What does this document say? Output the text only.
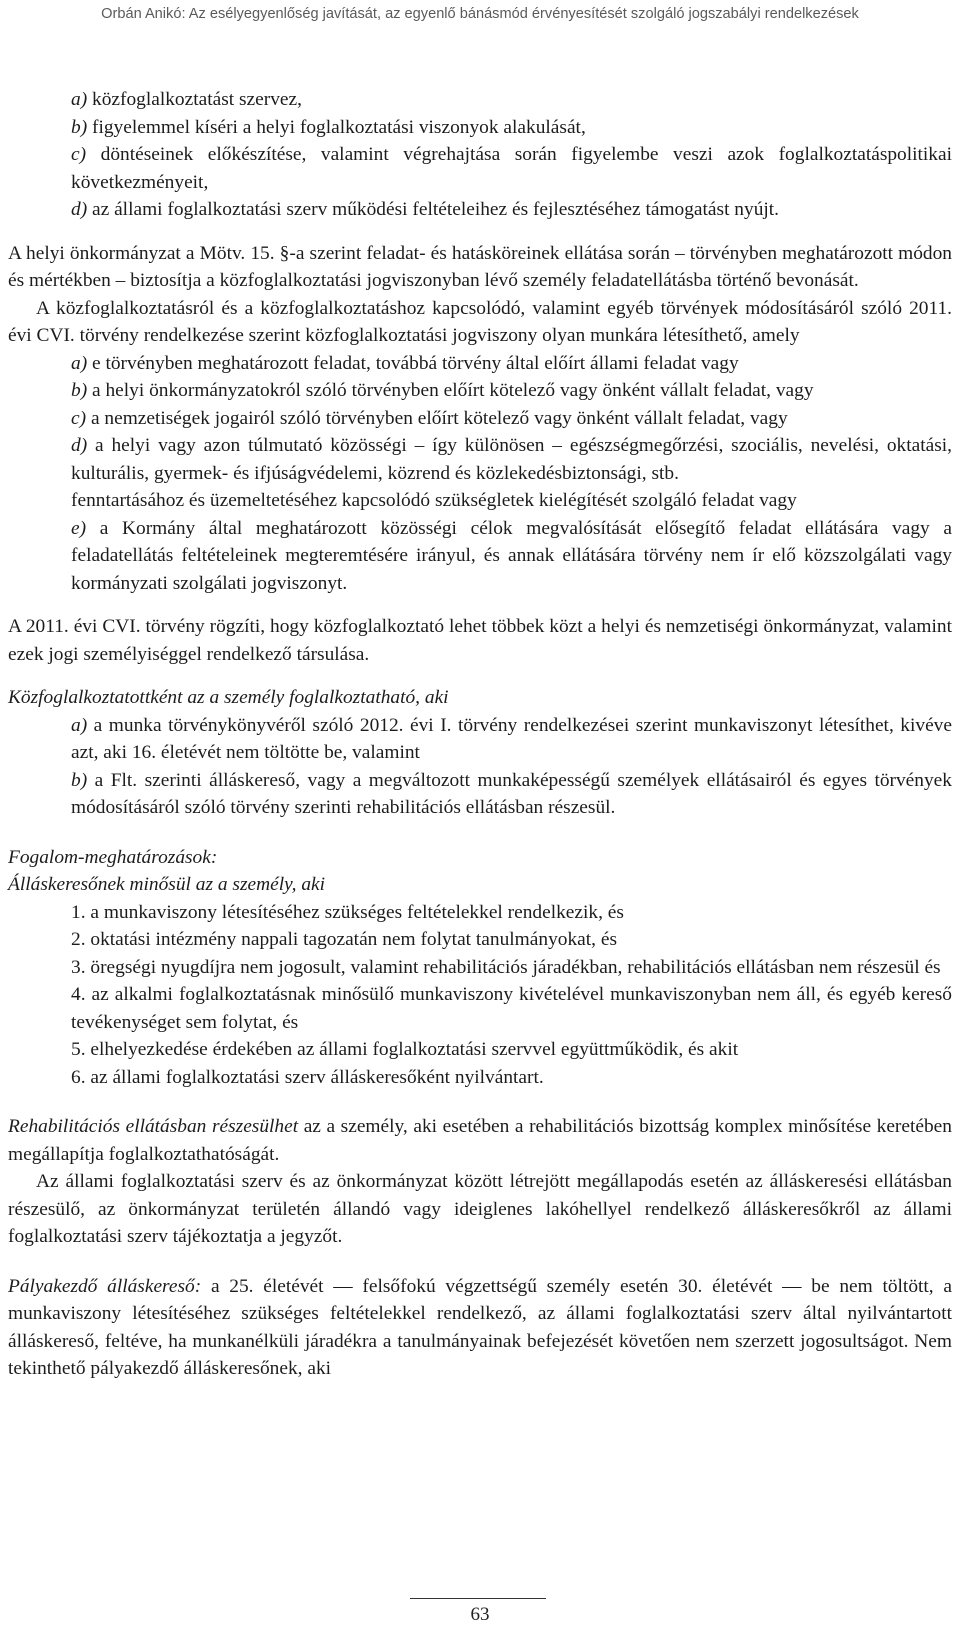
Orbán Anikó: Az esélyegyenlőség javítását, az egyenlő bánásmód érvényesítését szolgáló jogszabályi rendelkezések

a) közfoglalkoztatást szervez,

b) figyelemmel kíséri a helyi foglalkoztatási viszonyok alakulását,

c) döntéseinek előkészítése, valamint végrehajtása során figyelembe veszi azok foglalkoztatáspolitikai következményeit,

d) az állami foglalkoztatási szerv működési feltételeihez és fejlesztéséhez támogatást nyújt.

A helyi önkormányzat a Mötv. 15. §-a szerint feladat- és hatásköreinek ellátása során – törvényben meghatározott módon és mértékben – biztosítja a közfoglalkoztatási jogviszonyban lévő személy feladatellátásba történő bevonását.

A közfoglalkoztatásról és a közfoglalkoztatáshoz kapcsolódó, valamint egyéb törvények módosításáról szóló 2011. évi CVI. törvény rendelkezése szerint közfoglalkoztatási jogviszony olyan munkára létesíthető, amely

a) e törvényben meghatározott feladat, továbbá törvény által előírt állami feladat vagy

b) a helyi önkormányzatokról szóló törvényben előírt kötelező vagy önként vállalt feladat, vagy

c) a nemzetiségek jogairól szóló törvényben előírt kötelező vagy önként vállalt feladat, vagy

d) a helyi vagy azon túlmutató közösségi – így különösen – egészségmegőrzési, szociális, nevelési, oktatási, kulturális, gyermek- és ifjúságvédelemi, közrend és közlekedésbiztonsági, stb.

fenntartásához és üzemeltetéséhez kapcsolódó szükségletek kielégítését szolgáló feladat vagy

e) a Kormány által meghatározott közösségi célok megvalósítását elősegítő feladat ellátására vagy a feladatellátás feltételeinek megteremtésére irányul, és annak ellátására törvény nem ír elő közszolgálati vagy kormányzati szolgálati jogviszonyt.

A 2011. évi CVI. törvény rögzíti, hogy közfoglalkoztató lehet többek közt a helyi és nemzetiségi önkormányzat, valamint ezek jogi személyiséggel rendelkező társulása.

Közfoglalkoztatottként az a személy foglalkoztatható, aki

a) a munka törvénykönyvéről szóló 2012. évi I. törvény rendelkezései szerint munkaviszonyt létesíthet, kivéve azt, aki 16. életévét nem töltötte be, valamint

b) a Flt. szerinti álláskereső, vagy a megváltozott munkaképességű személyek ellátásairól és egyes törvények módosításáról szóló törvény szerinti rehabilitációs ellátásban részesül.

Fogalom-meghatározások:

Álláskeresőnek minősül az a személy, aki

1. a munkaviszony létesítéséhez szükséges feltételekkel rendelkezik, és
2. oktatási intézmény nappali tagozatán nem folytat tanulmányokat, és
3. öregségi nyugdíjra nem jogosult, valamint rehabilitációs járadékban, rehabilitációs ellátásban nem részesül és
4. az alkalmi foglalkoztatásnak minősülő munkaviszony kivételével munkaviszonyban nem áll, és egyéb kereső tevékenységet sem folytat, és
5. elhelyezkedése érdekében az állami foglalkoztatási szervvel együttműködik, és akit
6. az állami foglalkoztatási szerv álláskeresőként nyilvántart.

Rehabilitációs ellátásban részesülhet az a személy, aki esetében a rehabilitációs bizottság komplex minősítése keretében megállapítja foglalkoztathatóságát.

Az állami foglalkoztatási szerv és az önkormányzat között létrejött megállapodás esetén az álláskeresési ellátásban részesülő, az önkormányzat területén állandó vagy ideiglenes lakóhellyel rendelkező álláskeresőkről az állami foglalkoztatási szerv tájékoztatja a jegyzőt.

Pályakezdő álláskereső: a 25. életévét — felsőfokú végzettségű személy esetén 30. életévét — be nem töltött, a munkaviszony létesítéséhez szükséges feltételekkel rendelkező, az állami foglalkoztatási szerv által nyilvántartott álláskereső, feltéve, ha munkanélküli járadékra a tanulmányainak befejezését követően nem szerzett jogosultságot. Nem tekinthető pályakezdő álláskeresőnek, aki

63
